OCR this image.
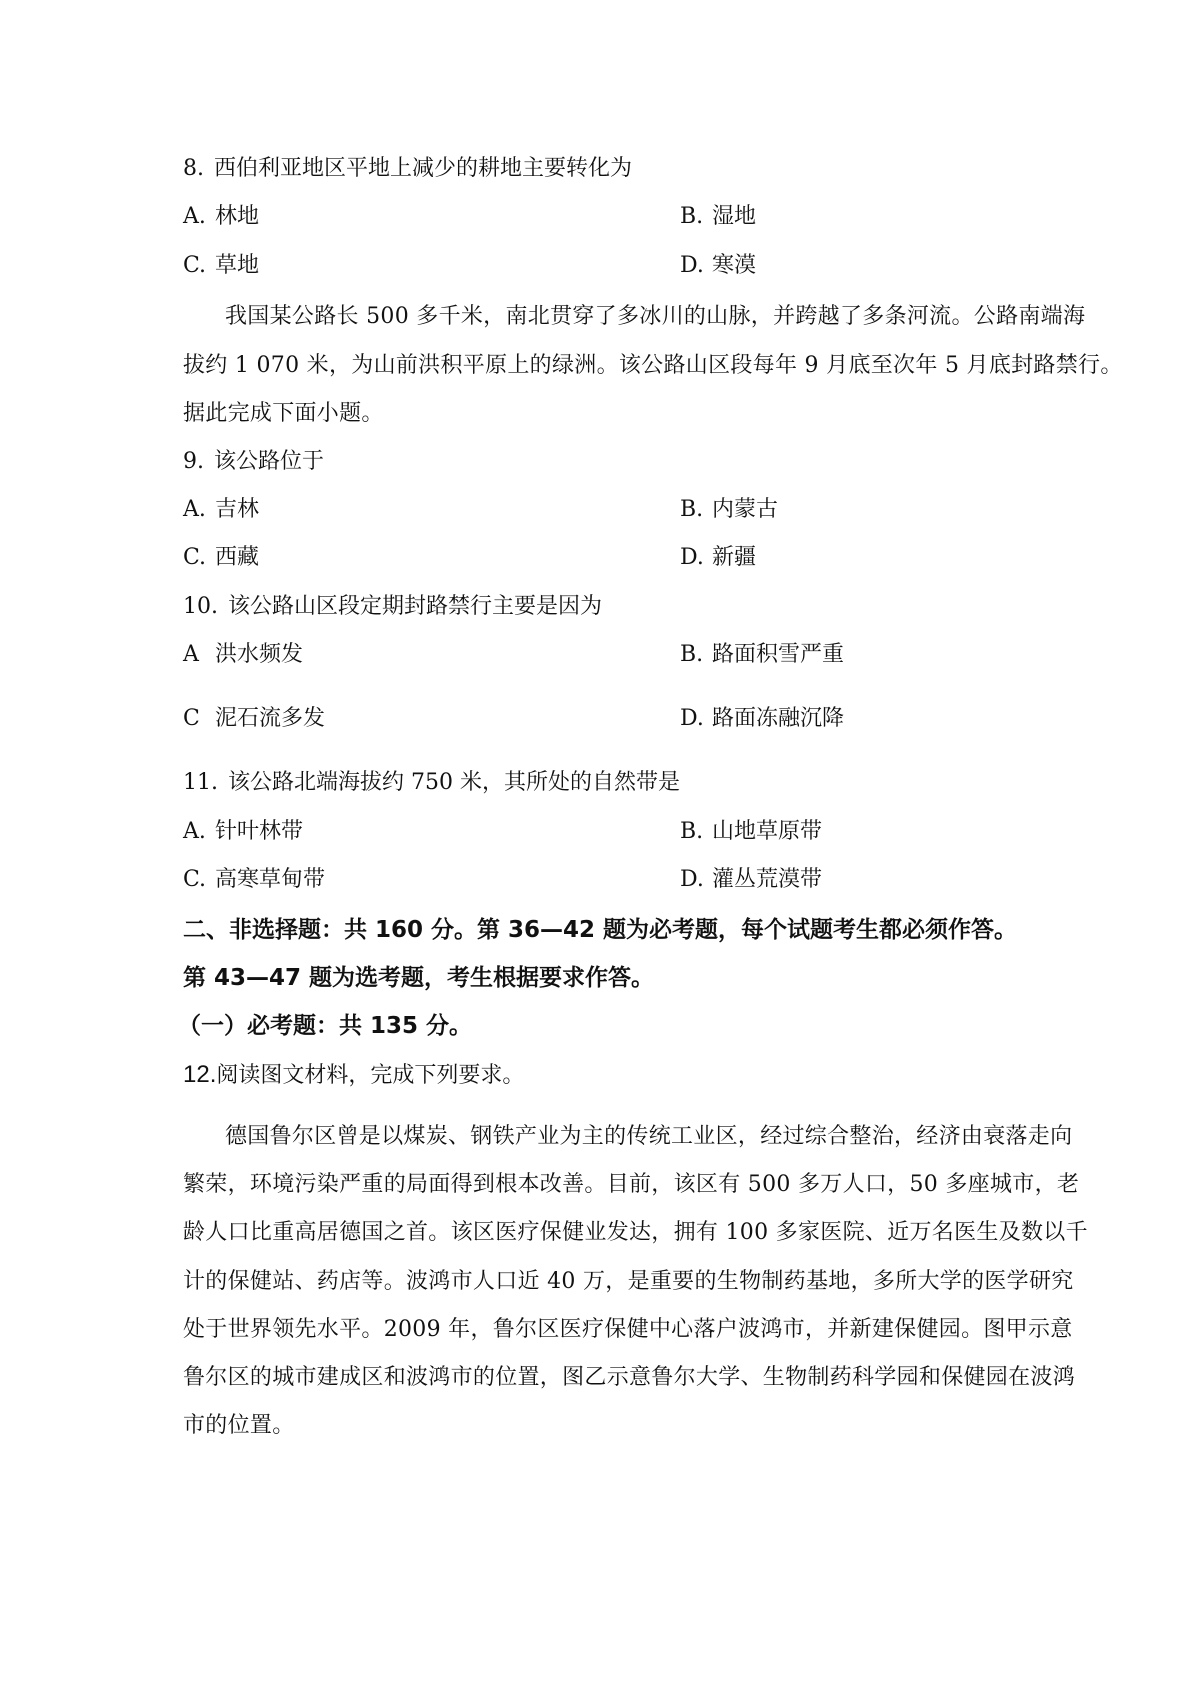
8. 西伯利亚地区平地上减少的耕地主要转化为
A. 林地	B. 湿地
C. 草地	D. 寒漠
我国某公路长 500 多千米，南北贯穿了多冰川的山脉，并跨越了多条河流。公路南端海
拔约 1 070 米，为山前洪积平原上的绿洲。该公路山区段每年 9 月底至次年 5 月底封路禁行。
据此完成下面小题。
9. 该公路位于
A. 吉林	B. 内蒙古
C. 西藏	D. 新疆
10. 该公路山区段定期封路禁行主要是因为
A 洪水频发	B. 路面积雪严重
C 泥石流多发	D. 路面冻融沉降
11. 该公路北端海拔约 750 米，其所处的自然带是
A. 针叶林带	B. 山地草原带
C. 高寒草甸带	D. 灌丛荒漠带
二、非选择题：共 160 分。第 36—42 题为必考题，每个试题考生都必须作答。
第 43—47 题为选考题，考生根据要求作答。
（一）必考题：共 135 分。
12.阅读图文材料，完成下列要求。
德国鲁尔区曾是以煤炭、钢铁产业为主的传统工业区，经过综合整治，经济由衰落走向
繁荣，环境污染严重的局面得到根本改善。目前，该区有 500 多万人口，50 多座城市，老
龄人口比重高居德国之首。该区医疗保健业发达，拥有 100 多家医院、近万名医生及数以千
计的保健站、药店等。波鸿市人口近 40 万，是重要的生物制药基地，多所大学的医学研究
处于世界领先水平。2009 年，鲁尔区医疗保健中心落户波鸿市，并新建保健园。图甲示意
鲁尔区的城市建成区和波鸿市的位置，图乙示意鲁尔大学、生物制药科学园和保健园在波鸿
市的位置。
